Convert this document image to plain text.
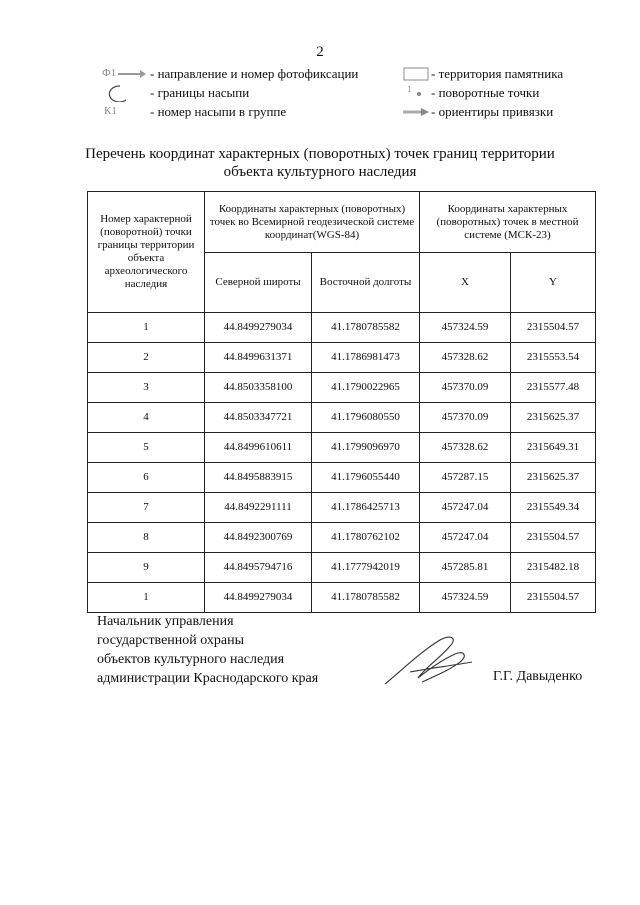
2
Ф1	- направление и номер фотофиксации	- территория памятника
- границы насыпи	1 - поворотные точки
К1	- номер насыпи в группе	- ориентиры привязки
Перечень координат характерных (поворотных) точек границ территории объекта культурного наследия
Номер характерной (поворотной) точки границы территории объекта археологического наследия	Координаты характерных (поворотных) точек во Всемирной геодезической системе координат(WGS-84)		Координаты характерных (поворотных) точек в местной системе (МСК-23)	
	Северной широты	Восточной долготы	X	Y
1	44.8499279034	41.1780785582	457324.59	2315504.57
2	44.8499631371	41.1786981473	457328.62	2315553.54
3	44.8503358100	41.1790022965	457370.09	2315577.48
4	44.8503347721	41.1796080550	457370.09	2315625.37
5	44.8499610611	41.1799096970	457328.62	2315649.31
6	44.8495883915	41.1796055440	457287.15	2315625.37
7	44.8492291111	41.1786425713	457247.04	2315549.34
8	44.8492300769	41.1780762102	457247.04	2315504.57
9	44.8495794716	41.1777942019	457285.81	2315482.18
1	44.8499279034	41.1780785582	457324.59	2315504.57
Начальник управления
государственной охраны
объектов культурного наследия
администрации Краснодарского края	Г.Г. Давыденко
